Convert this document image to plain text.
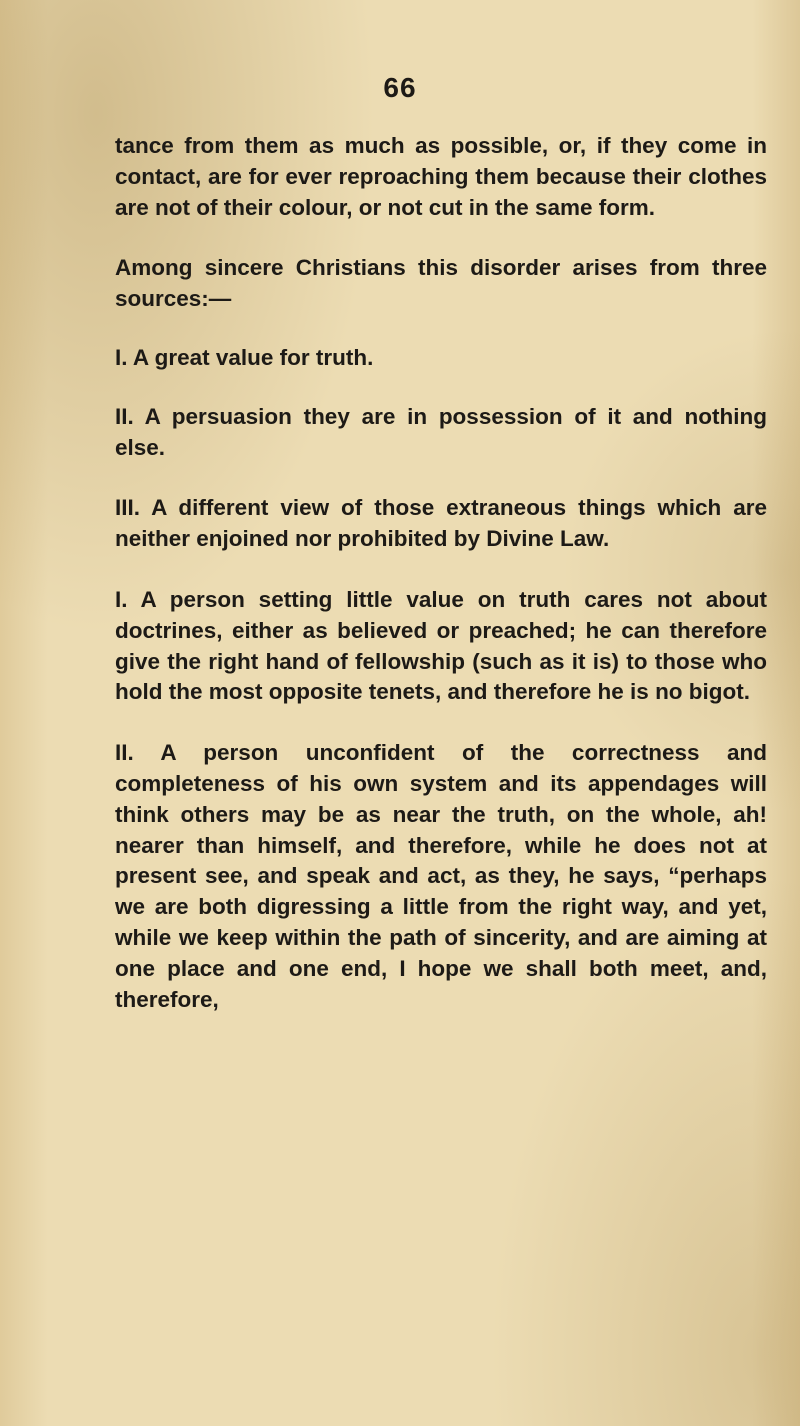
66

tance from them as much as possible, or, if they come in contact, are for ever reproaching them because their clothes are not of their colour, or not cut in the same form.

Among sincere Christians this disorder arises from three sources:—

I. A great value for truth.

II. A persuasion they are in possession of it and nothing else.

III. A different view of those extraneous things which are neither enjoined nor prohibited by Divine Law.

I. A person setting little value on truth cares not about doctrines, either as believed or preached; he can therefore give the right hand of fellowship (such as it is) to those who hold the most opposite tenets, and therefore he is no bigot.

II. A person unconfident of the correctness and completeness of his own system and its appendages will think others may be as near the truth, on the whole, ah! nearer than himself, and therefore, while he does not at present see, and speak and act, as they, he says, “perhaps we are both digressing a little from the right way, and yet, while we keep within the path of sincerity, and are aiming at one place and one end, I hope we shall both meet, and, therefore,
